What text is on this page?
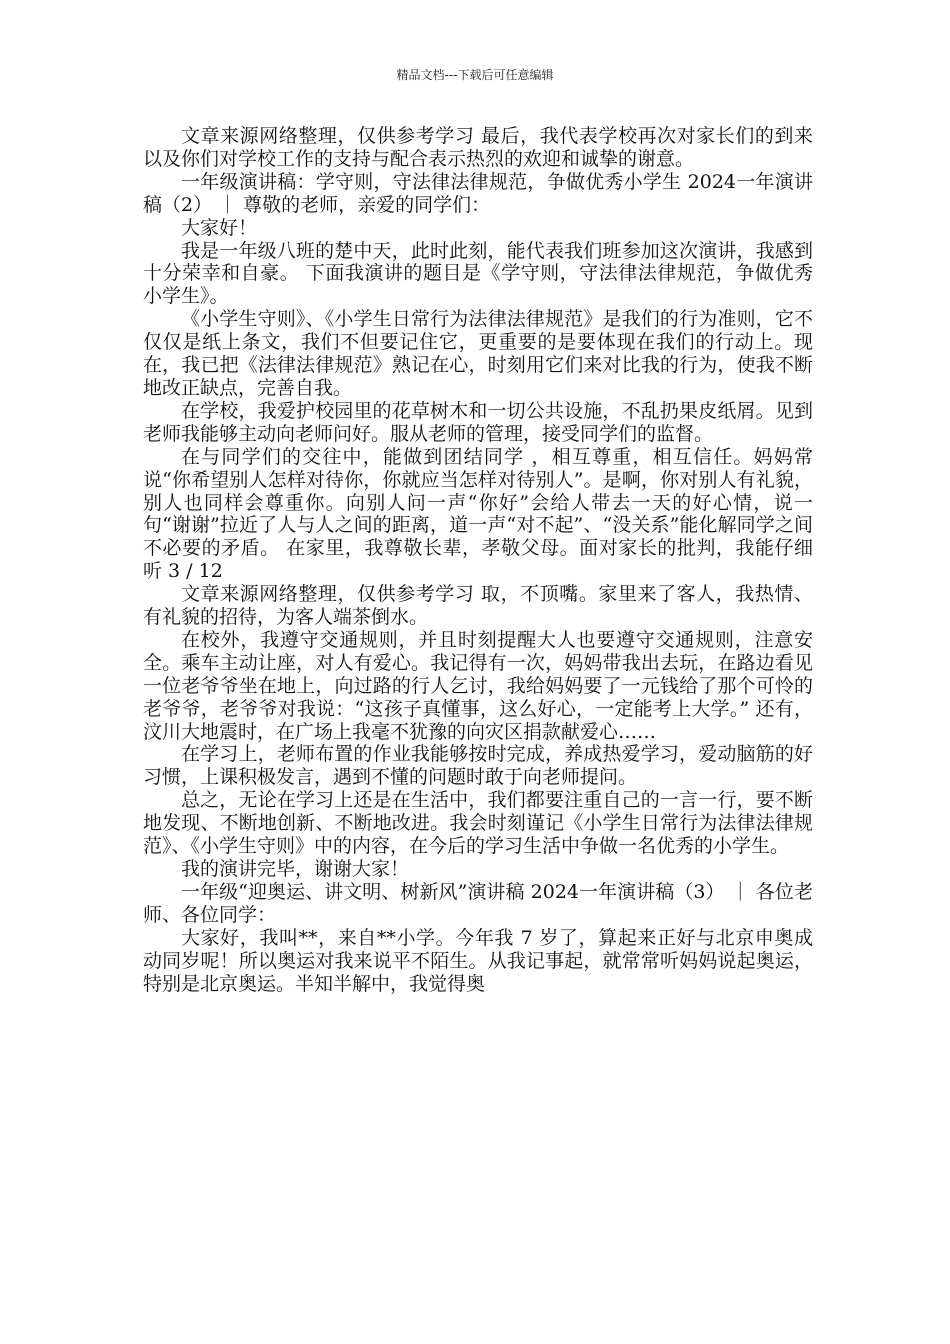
精品文档---下载后可任意编辑

文章来源网络整理，仅供参考学习 最后，我代表学校再次对家长们的到来以及你们对学校工作的支持与配合表示热烈的欢迎和诚挚的谢意。

一年级演讲稿：学守则，守法律法律规范，争做优秀小学生 2024一年演讲稿（2） ｜ 尊敬的老师，亲爱的同学们：

大家好！

我是一年级八班的楚中天，此时此刻，能代表我们班参加这次演讲，我感到十分荣幸和自豪。 下面我演讲的题目是《学守则，守法律法律规范，争做优秀小学生》。

《小学生守则》、《小学生日常行为法律法律规范》是我们的行为准则，它不仅仅是纸上条文，我们不但要记住它，更重要的是要体现在我们的行动上。现在，我已把《法律法律规范》熟记在心，时刻用它们来对比我的行为，使我不断地改正缺点，完善自我。

在学校，我爱护校园里的花草树木和一切公共设施，不乱扔果皮纸屑。见到老师我能够主动向老师问好。服从老师的管理，接受同学们的监督。

在与同学们的交往中，能做到团结同学 ，相互尊重，相互信任。妈妈常说“你希望别人怎样对待你，你就应当怎样对待别人”。是啊，你对别人有礼貌，别人也同样会尊重你。向别人问一声“你好”会给人带去一天的好心情，说一句“谢谢”拉近了人与人之间的距离，道一声“对不起”、“没关系”能化解同学之间不必要的矛盾。 在家里，我尊敬长辈，孝敬父母。面对家长的批判，我能仔细听 3 / 12

文章来源网络整理，仅供参考学习 取，不顶嘴。家里来了客人，我热情、有礼貌的招待，为客人端茶倒水。

在校外，我遵守交通规则，并且时刻提醒大人也要遵守交通规则，注意安全。乘车主动让座，对人有爱心。我记得有一次，妈妈带我出去玩，在路边看见一位老爷爷坐在地上，向过路的行人乞讨，我给妈妈要了一元钱给了那个可怜的老爷爷，老爷爷对我说：“这孩子真懂事，这么好心，一定能考上大学。” 还有，汶川大地震时，在广场上我毫不犹豫的向灾区捐款献爱心……

在学习上，老师布置的作业我能够按时完成，养成热爱学习，爱动脑筋的好习惯，上课积极发言，遇到不懂的问题时敢于向老师提问。

总之，无论在学习上还是在生活中，我们都要注重自己的一言一行，要不断地发现、不断地创新、不断地改进。我会时刻谨记《小学生日常行为法律法律规范》、《小学生守则》中的内容，在今后的学习生活中争做一名优秀的小学生。

我的演讲完毕，谢谢大家！

一年级“迎奥运、讲文明、树新风”演讲稿 2024一年演讲稿（3） ｜ 各位老师、各位同学：

大家好，我叫**，来自**小学。今年我 7 岁了，算起来正好与北京申奥成动同岁呢！所以奥运对我来说平不陌生。从我记事起，就常常听妈妈说起奥运，特别是北京奥运。半知半解中，我觉得奥
